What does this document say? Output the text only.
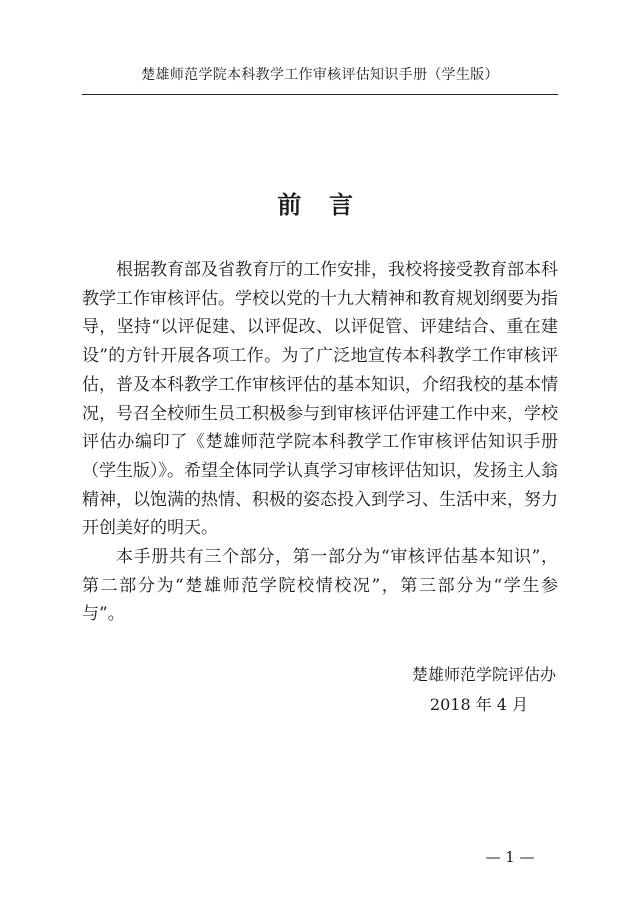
楚雄师范学院本科教学工作审核评估知识手册（学生版）
前 言

根据教育部及省教育厅的工作安排，我校将接受教育部本科教学工作审核评估。学校以党的十九大精神和教育规划纲要为指导，坚持“以评促建、以评促改、以评促管、评建结合、重在建设”的方针开展各项工作。为了广泛地宣传本科教学工作审核评估，普及本科教学工作审核评估的基本知识，介绍我校的基本情况，号召全校师生员工积极参与到审核评估评建工作中来，学校评估办编印了《楚雄师范学院本科教学工作审核评估知识手册（学生版）》。希望全体同学认真学习审核评估知识，发扬主人翁精神，以饱满的热情、积极的姿态投入到学习、生活中来，努力开创美好的明天。

本手册共有三个部分，第一部分为“审核评估基本知识”，第二部分为“楚雄师范学院校情校况”，第三部分为“学生参与”。

楚雄师范学院评估办
2018 年 4 月
— 1 —
